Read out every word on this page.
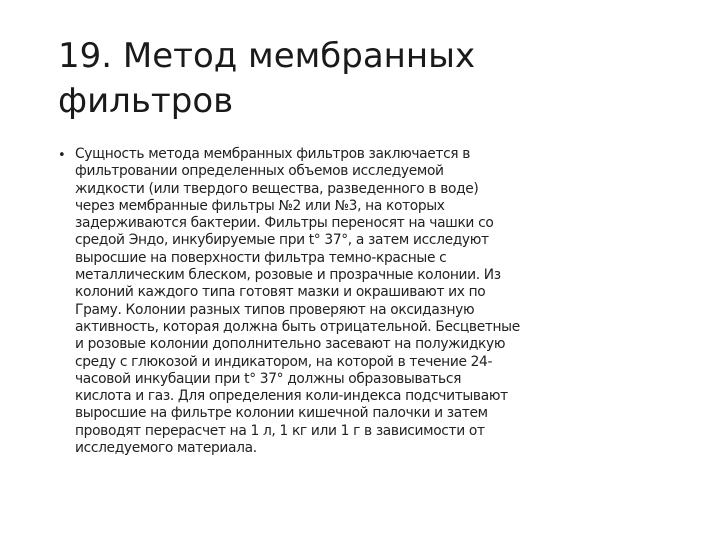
19. Метод мембранных
фильтров
• Сущность метода мембранных фильтров заключается в
фильтровании определенных объемов исследуемой
жидкости (или твердого вещества, разведенного в воде)
через мембранные фильтры №2 или №3, на которых
задерживаются бактерии. Фильтры переносят на чашки со
средой Эндо, инкубируемые при t° 37°, а затем исследуют
выросшие на поверхности фильтра темно-красные с
металлическим блеском, розовые и прозрачные колонии. Из
колоний каждого типа готовят мазки и окрашивают их по
Граму. Колонии разных типов проверяют на оксидазную
активность, которая должна быть отрицательной. Бесцветные
и розовые колонии дополнительно засевают на полужидкую
среду с глюкозой и индикатором, на которой в течение 24-
часовой инкубации при t° 37° должны образовываться
кислота и газ. Для определения коли-индекса подсчитывают
выросшие на фильтре колонии кишечной палочки и затем
проводят перерасчет на 1 л, 1 кг или 1 г в зависимости от
исследуемого материала.
